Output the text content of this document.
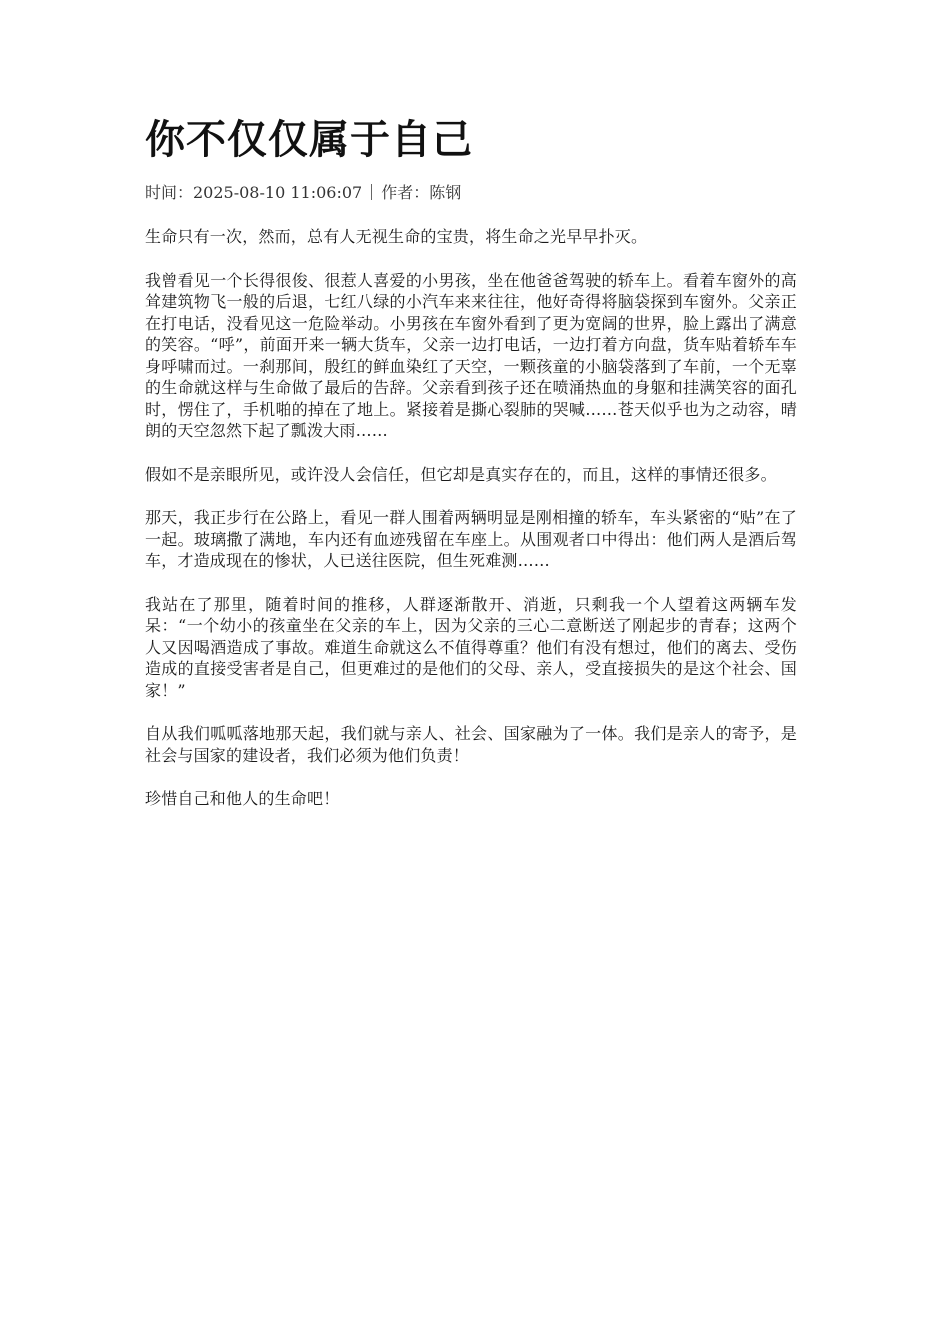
你不仅仅属于自己
时间：2025-08-10 11:06:07 作者：陈钢

生命只有一次，然而，总有人无视生命的宝贵，将生命之光早早扑灭。

我曾看见一个长得很俊、很惹人喜爱的小男孩，坐在他爸爸驾驶的轿车上。看着车窗外的高耸建筑物飞一般的后退，七红八绿的小汽车来来往往，他好奇得将脑袋探到车窗外。父亲正在打电话，没看见这一危险举动。小男孩在车窗外看到了更为宽阔的世界，脸上露出了满意的笑容。“呼”，前面开来一辆大货车，父亲一边打电话，一边打着方向盘，货车贴着轿车车身呼啸而过。一刹那间，殷红的鲜血染红了天空，一颗孩童的小脑袋落到了车前，一个无辜的生命就这样与生命做了最后的告辞。父亲看到孩子还在喷涌热血的身躯和挂满笑容的面孔时，愣住了，手机啪的掉在了地上。紧接着是撕心裂肺的哭喊……苍天似乎也为之动容，晴朗的天空忽然下起了瓢泼大雨……

假如不是亲眼所见，或许没人会信任，但它却是真实存在的，而且，这样的事情还很多。

那天，我正步行在公路上，看见一群人围着两辆明显是刚相撞的轿车，车头紧密的“贴”在了一起。玻璃撒了满地，车内还有血迹残留在车座上。从围观者口中得出：他们两人是酒后驾车，才造成现在的惨状，人已送往医院，但生死难测……

我站在了那里，随着时间的推移，人群逐渐散开、消逝，只剩我一个人望着这两辆车发呆：“一个幼小的孩童坐在父亲的车上，因为父亲的三心二意断送了刚起步的青春；这两个人又因喝酒造成了事故。难道生命就这么不值得尊重？他们有没有想过，他们的离去、受伤造成的直接受害者是自己，但更难过的是他们的父母、亲人，受直接损失的是这个社会、国家！”

自从我们呱呱落地那天起，我们就与亲人、社会、国家融为了一体。我们是亲人的寄予，是社会与国家的建设者，我们必须为他们负责！

珍惜自己和他人的生命吧！
